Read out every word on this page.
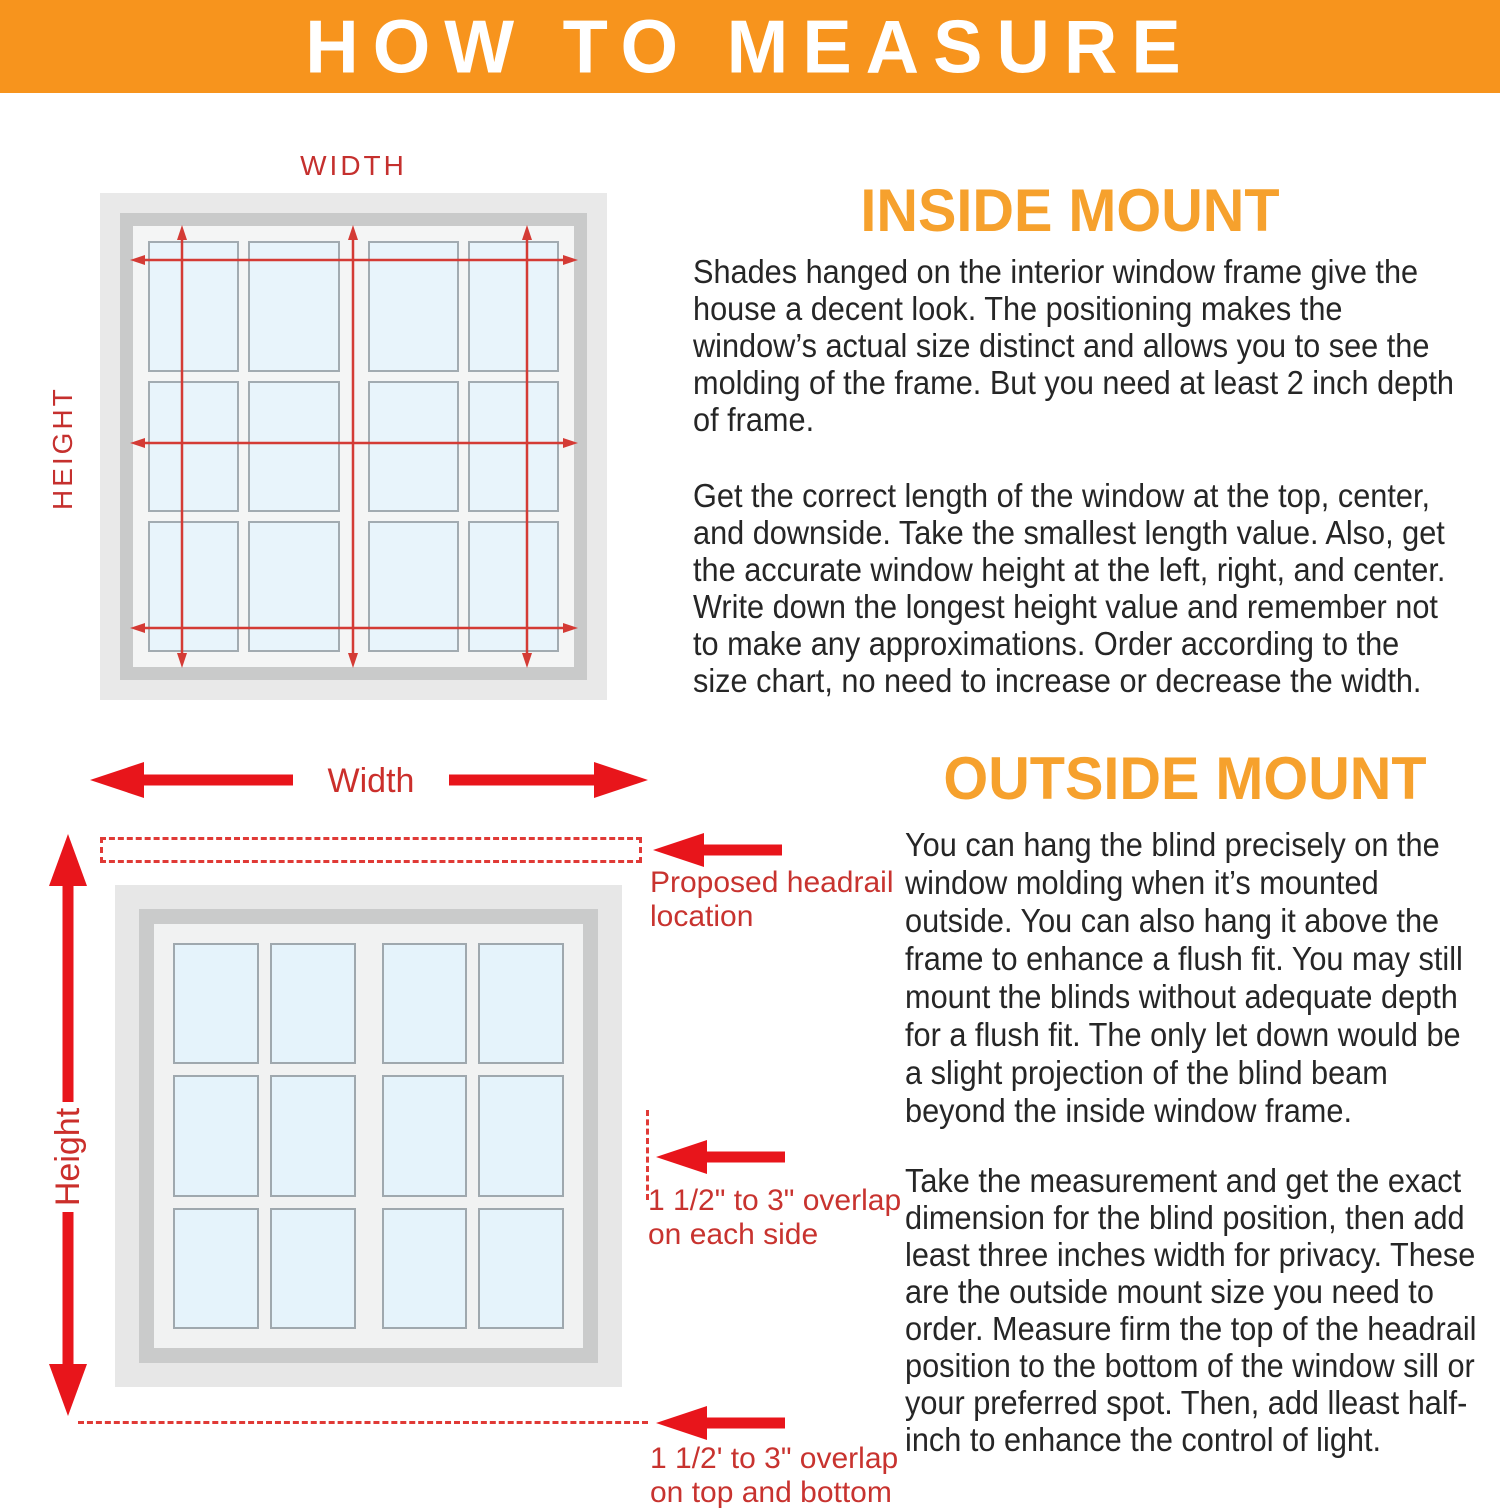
HOW TO MEASURE
WIDTH
HEIGHT
INSIDE MOUNT

Shades hanged on the interior window frame give the house a decent look. The positioning makes the window’s actual size distinct and allows you to see the molding of the frame. But you need at least 2 inch depth of frame.

Get the correct length of the window at the top, center, and downside. Take the smallest length value. Also, get the accurate window height at the left, right, and center. Write down the longest height value and remember not to make any approximations. Order according to the size chart, no need to increase or decrease the width.

OUTSIDE MOUNT

You can hang the blind precisely on the window molding when it’s mounted outside. You can also hang it above the frame to enhance a flush fit. You may still mount the blinds without adequate depth for a flush fit. The only let down would be a slight projection of the blind beam beyond the inside window frame.

Take the measurement and get the exact dimension for the blind position, then add least three inches width for privacy. These are the outside mount size you need to order. Measure firm the top of the headrail position to the bottom of the window sill or your preferred spot. Then, add lleast half-inch to enhance the control of light.

Width
Proposed headrail
location
Height	1 1/2" to 3" overlap
on each side
1 1/2' to 3" overlap
on top and bottom
